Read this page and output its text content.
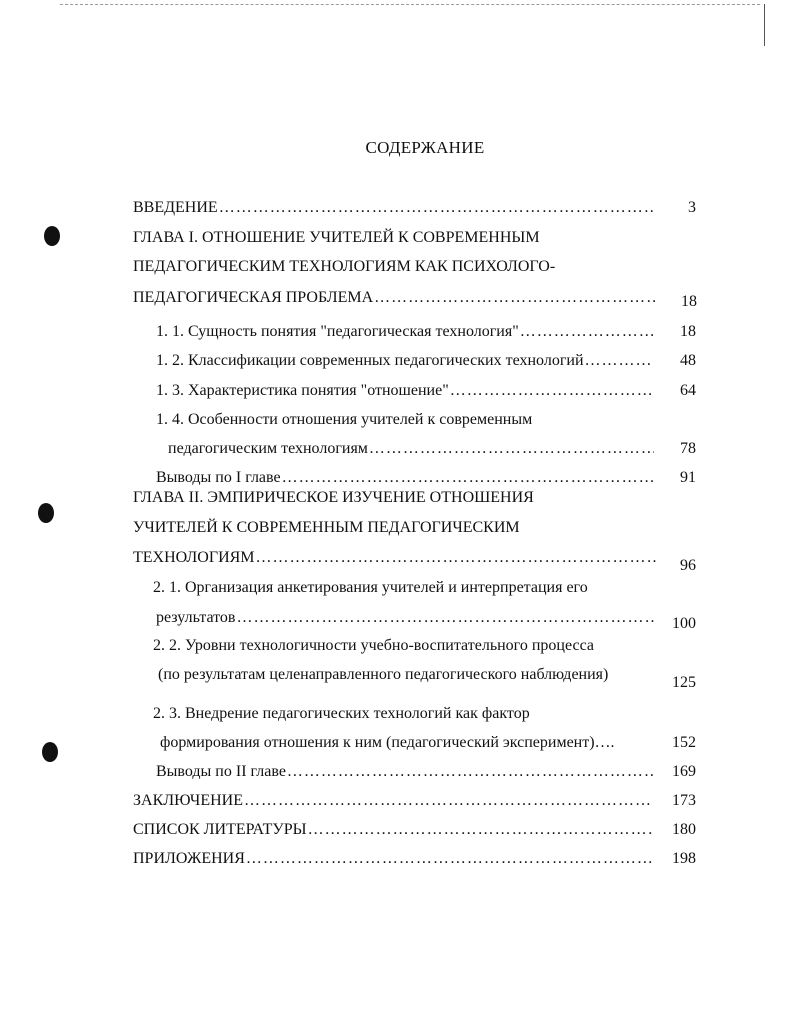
СОДЕРЖАНИЕ
ВВЕДЕНИЕ ………………………………………………………………………………………………………………………………………………………………………………	3
ГЛАВА I. ОТНОШЕНИЕ УЧИТЕЛЕЙ К СОВРЕМЕННЫМ
ПЕДАГОГИЧЕСКИМ ТЕХНОЛОГИЯМ КАК ПСИХОЛОГО-
ПЕДАГОГИЧЕСКАЯ ПРОБЛЕМА ………………………………………………………………………………………………………………………………………………………………………………	18
1. 1. Сущность понятия "педагогическая технология" ………………………………………………………………………………………………………………………………………………………………………………	18
1. 2. Классификации современных педагогических технологий ………………………………………………………………………………………………………………………………………………………………………………	48
1. 3. Характеристика понятия "отношение" ………………………………………………………………………………………………………………………………………………………………………………	64
1. 4. Особенности отношения учителей к современным
педагогическим технологиям ………………………………………………………………………………………………………………………………………………………………………………	78
Выводы по I главе ………………………………………………………………………………………………………………………………………………………………………………	91
ГЛАВА II. ЭМПИРИЧЕСКОЕ ИЗУЧЕНИЕ ОТНОШЕНИЯ
УЧИТЕЛЕЙ К СОВРЕМЕННЫМ ПЕДАГОГИЧЕСКИМ
ТЕХНОЛОГИЯМ ………………………………………………………………………………………………………………………………………………………………………………	96
2. 1. Организация анкетирования учителей и интерпретация его
результатов ………………………………………………………………………………………………………………………………………………………………………………	100
2. 2. Уровни технологичности учебно-воспитательного процесса
(по результатам целенаправленного педагогического наблюдения)	125
2. 3. Внедрение педагогических технологий как фактор
формирования отношения к ним (педагогический эксперимент)….	152
Выводы по II главе ………………………………………………………………………………………………………………………………………………………………………………	169
ЗАКЛЮЧЕНИЕ ………………………………………………………………………………………………………………………………………………………………………………	173
СПИСОК ЛИТЕРАТУРЫ ………………………………………………………………………………………………………………………………………………………………………………	180
ПРИЛОЖЕНИЯ ………………………………………………………………………………………………………………………………………………………………………………	198
